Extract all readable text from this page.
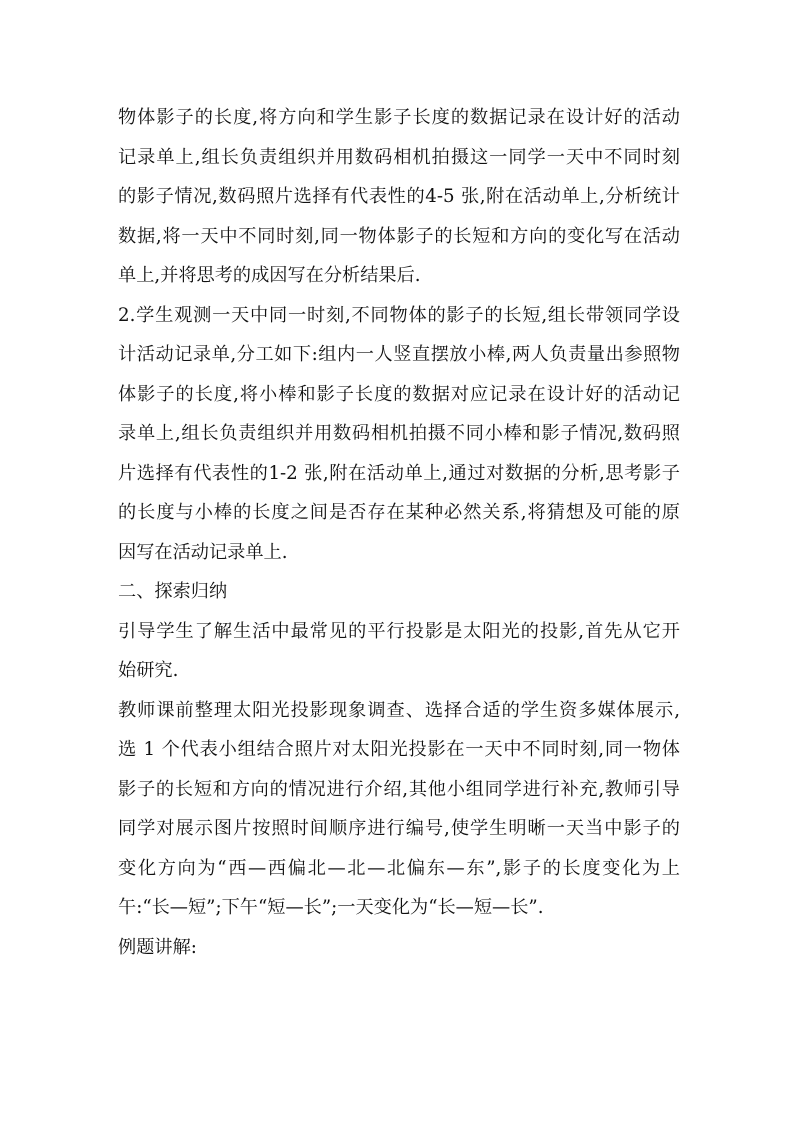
物体影子的长度,将方向和学生影子长度的数据记录在设计好的活动
记录单上,组长负责组织并用数码相机拍摄这一同学一天中不同时刻
的影子情况,数码照片选择有代表性的4-5 张,附在活动单上,分析统计
数据,将一天中不同时刻,同一物体影子的长短和方向的变化写在活动
单上,并将思考的成因写在分析结果后.
2.学生观测一天中同一时刻,不同物体的影子的长短,组长带领同学设
计活动记录单,分工如下:组内一人竖直摆放小棒,两人负责量出参照物
体影子的长度,将小棒和影子长度的数据对应记录在设计好的活动记
录单上,组长负责组织并用数码相机拍摄不同小棒和影子情况,数码照
片选择有代表性的1-2 张,附在活动单上,通过对数据的分析,思考影子
的长度与小棒的长度之间是否存在某种必然关系,将猜想及可能的原
因写在活动记录单上.
二、探索归纳
引导学生了解生活中最常见的平行投影是太阳光的投影,首先从它开
始研究.
教师课前整理太阳光投影现象调查、选择合适的学生资多媒体展示,
选 1 个代表小组结合照片对太阳光投影在一天中不同时刻,同一物体
影子的长短和方向的情况进行介绍,其他小组同学进行补充,教师引导
同学对展示图片按照时间顺序进行编号,使学生明晰一天当中影子的
变化方向为“西—西偏北—北—北偏东—东”,影子的长度变化为上
午:“长—短”;下午“短—长”;一天变化为“长—短—长”.
例题讲解:
